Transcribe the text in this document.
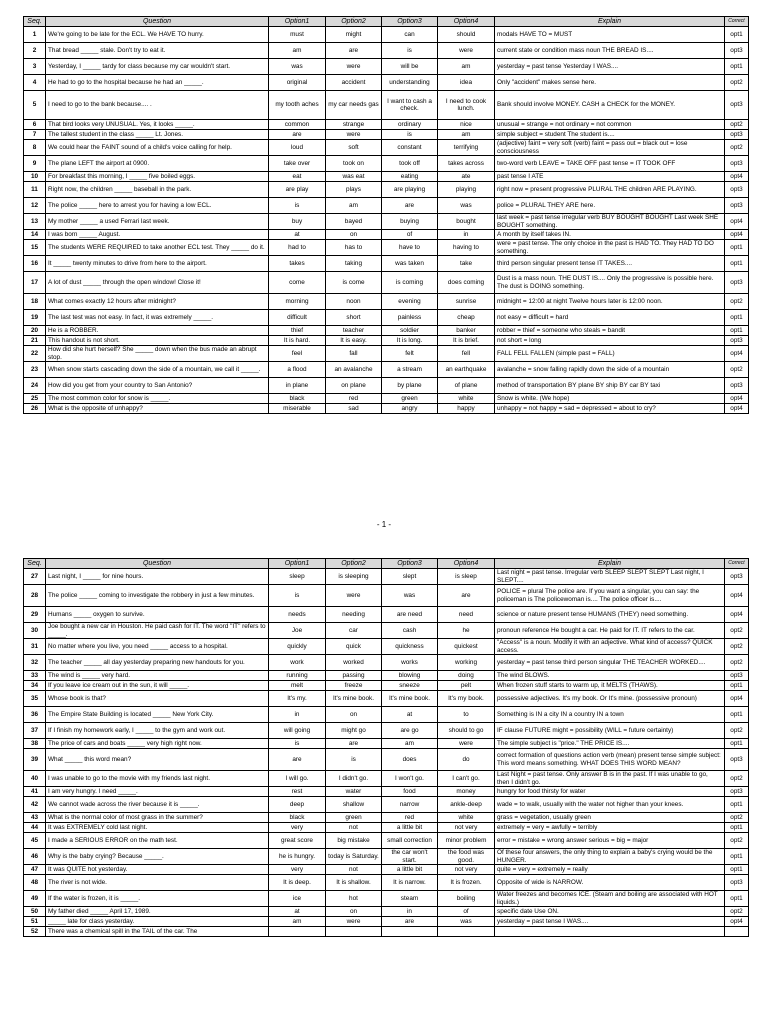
Seq.	Question	Option1	Option2	Option3	Option4	Explain	Correct
1	We're going to be late for the ECL. We HAVE TO hurry.	must	might	can	should	modals HAVE TO = MUST	opt1
2	That bread _____ stale. Don't try to eat it.	am	are	is	were	current state or condition mass noun THE BREAD IS....	opt3
3	Yesterday, I _____ tardy for class because my car wouldn't start.	was	were	will be	am	yesterday = past tense Yesterday I WAS....	opt1
4	He had to go to the hospital because he had an _____.	original	accident	understanding	idea	Only "accident" makes sense here.	opt2
5	I need to go to the bank because.... .	my tooth aches	my car needs gas	I want to cash a check.	I need to cook lunch.	Bank should involve MONEY. CASH a CHECK for the MONEY.	opt3
6	That bird looks very UNUSUAL. Yes, it looks _____.	common	strange	ordinary	nice	unusual = strange = not ordinary = not common	opt2
7	The tallest student in the class _____ Lt. Jones.	are	were	is	am	simple subject = student The student is....	opt3
8	We could hear the FAINT sound of a child's voice calling for help.	loud	soft	constant	terrifying	(adjective) faint = very soft (verb) faint = pass out = black out = lose consciousness	opt2
9	The plane LEFT the airport at 0900.	take over	took on	took off	takes across	two-word verb LEAVE = TAKE OFF past tense = IT TOOK OFF	opt3
10	For breakfast this morning, I _____ five boiled eggs.	eat	was eat	eating	ate	past tense I ATE	opt4
11	Right now, the children _____ baseball in the park.	are play	plays	are playing	playing	right now = present progressive PLURAL THE children ARE PLAYING.	opt3
12	The police _____ here to arrest you for having a low ECL.	is	am	are	was	police = PLURAL THEY ARE here.	opt3
13	My mother _____ a used Ferrari last week.	buy	bayed	buying	bought	last week = past tense irregular verb BUY BOUGHT BOUGHT Last week SHE BOUGHT something.	opt4
14	I was born _____ August.	at	on	of	in	A month by itself takes IN.	opt4
15	The students WERE REQUIRED to take another ECL test. They _____ do it.	had to	has to	have to	having to	were = past tense. The only choice in the past is HAD TO. They HAD TO DO something.	opt1
16	It _____ twenty minutes to drive from here to the airport.	takes	taking	was taken	take	third person singular present tense IT TAKES....	opt1
17	A lot of dust _____ through the open window! Close it!	come	is come	is coming	does coming	Dust is a mass noun. THE DUST IS.... Only the progressive is possible here. The dust is DOING something.	opt3
18	What comes exactly 12 hours after midnight?	morning	noon	evening	sunrise	midnight = 12:00 at night Twelve hours later is 12:00 noon.	opt2
19	The last test was not easy. In fact, it was extremely _____.	difficult	short	painless	cheap	not easy = difficult = hard	opt1
20	He is a ROBBER.	thief	teacher	soldier	banker	robber = thief = someone who steals = bandit	opt1
21	This handout is not short.	It is hard.	It is easy.	It is long.	It is brief.	not short = long	opt3
22	How did she hurt herself? She _____ down when the bus made an abrupt stop.	feel	fall	felt	fell	FALL FELL FALLEN (simple past = FALL)	opt4
23	When snow starts cascading down the side of a mountain, we call it _____.	a flood	an avalanche	a stream	an earthquake	avalanche = snow falling rapidly down the side of a mountain	opt2
24	How did you get from your country to San Antonio?	in plane	on plane	by plane	of plane	method of transportation BY plane BY ship BY car BY taxi	opt3
25	The most common color for snow is _____.	black	red	green	white	Snow is white. (We hope)	opt4
26	What is the opposite of unhappy?	miserable	sad	angry	happy	unhappy = not happy = sad = depressed = about to cry?	opt4
- 1 -
Seq.	Question	Option1	Option2	Option3	Option4	Explain	Correct
27	Last night, I _____ for nine hours.	sleep	is sleeping	slept	is sleep	Last night = past tense. Irregular verb SLEEP SLEPT SLEPT Last night, I SLEPT....	opt3
28	The police _____ coming to investigate the robbery in just a few minutes.	is	were	was	are	POLICE = plural The police are. If you want a singular, you can say: the policeman is The policewoman is.... The police officer is....	opt4
29	Humans _____ oxygen to survive.	needs	needing	are need	need	science or nature present tense HUMANS (THEY) need something.	opt4
30	Joe bought a new car in Houston. He paid cash for IT. The word "IT" refers to _____.	Joe	car	cash	he	pronoun reference He bought a car. He paid for IT. IT refers to the car.	opt2
31	No matter where you live, you need _____ access to a hospital.	quickly	quick	quickness	quickest	"Access" is a noun. Modify it with an adjective. What kind of access? QUICK access.	opt2
32	The teacher _____ all day yesterday preparing new handouts for you.	work	worked	works	working	yesterday = past tense third person singular THE TEACHER WORKED....	opt2
33	The wind is _____ very hard.	running	passing	blowing	doing	The wind BLOWS.	opt3
34	If you leave ice cream out in the sun, it will _____.	melt	freeze	sneeze	pelt	When frozen stuff starts to warm up, it MELTS (THAWS).	opt1
35	Whose book is that?	It's my.	It's mine book.	It's mine book.	It's my book.	possessive adjectives. It's my book. Or It's mine. (possessive pronoun)	opt4
36	The Empire State Building is located _____ New York City.	in	on	at	to	Something is IN a city IN a country IN a town	opt1
37	If I finish my homework early, I _____ to the gym and work out.	will going	might go	are go	should to go	IF clause FUTURE might = possibility (WILL = future certainty)	opt2
38	The price of cars and boats _____ very high right now.	is	are	am	were	The simple subject is "price." THE PRICE IS....	opt1
39	What _____ this word mean?	are	is	does	do	correct formation of questions action verb (mean) present tense simple subject: This word means something. WHAT DOES THIS WORD MEAN?	opt3
40	I was unable to go to the movie with my friends last night.	I will go.	I didn't go.	I won't go.	I can't go.	Last Night = past tense. Only answer B is in the past. If I was unable to go, then I didn't go.	opt2
41	I am very hungry. I need _____.	rest	water	food	money	hungry for food thirsty for water	opt3
42	We cannot wade across the river because it is _____.	deep	shallow	narrow	ankle-deep	wade = to walk, usually with the water not higher than your knees.	opt1
43	What is the normal color of most grass in the summer?	black	green	red	white	grass = vegetation, usually green	opt2
44	It was EXTREMELY cold last night.	very	not	a little bit	not very	extremely = very = awfully = terribly	opt1
45	I made a SERIOUS ERROR on the math test.	great score	big mistake	small correction	minor problem	error = mistake = wrong answer serious = big = major	opt2
46	Why is the baby crying? Because _____.	he is hungry.	today is Saturday.	the car won't start.	the food was good.	Of these four answers, the only thing to explain a baby's crying would be the HUNGER.	opt1
47	It was QUITE hot yesterday.	very	not	a little bit	not very	quite = very = extremely = really	opt1
48	The river is not wide.	It is deep.	It is shallow.	It is narrow.	It is frozen.	Opposite of wide is NARROW.	opt3
49	If the water is frozen, it is _____.	ice	hot	steam	boiling	Water freezes and becomes ICE. (Steam and boiling are associated with HOT liquids.)	opt1
50	My father died _____ April 17, 1989.	at	on	in	of	specific date Use ON.	opt2
51	_____ late for class yesterday.	am	were	are	was	yesterday = past tense I WAS....	opt4
52	There was a chemical spill in the TAIL of the car. The						
